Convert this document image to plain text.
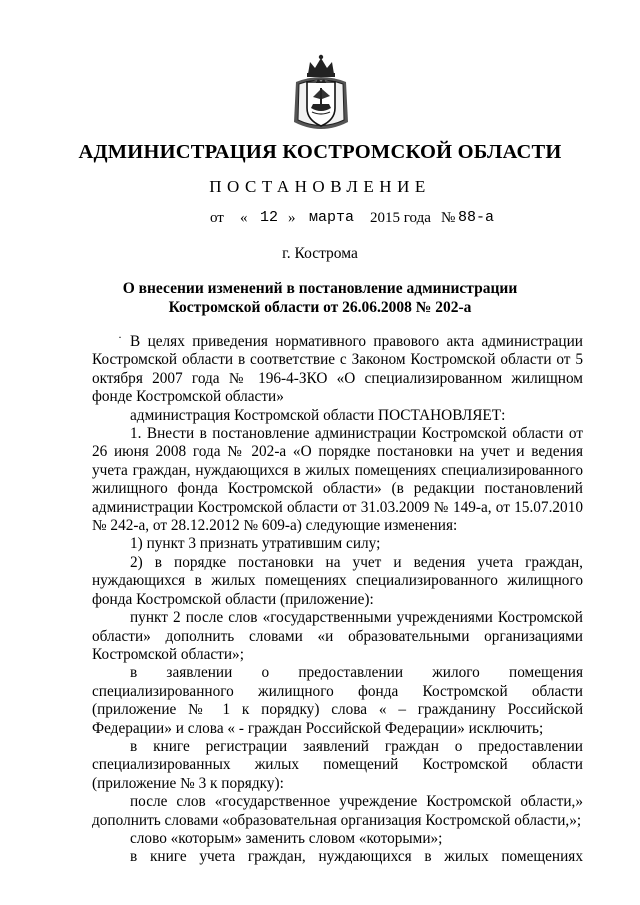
АДМИНИСТРАЦИЯ КОСТРОМСКОЙ ОБЛАСТИ
ПОСТАНОВЛЕНИЕ
от « 12 » марта 2015 года № 88-а
г. Кострома
О внесении изменений в постановление администрации
Костромской области от 26.06.2008 № 202-а
· В целях приведения нормативного правового акта администрации Костромской области в соответствие с Законом Костромской области от 5 октября 2007 года № 196-4-ЗКО «О специализированном жилищном фонде Костромской области»

администрация Костромской области ПОСТАНОВЛЯЕТ:

1. Внести в постановление администрации Костромской области от 26 июня 2008 года № 202-а «О порядке постановки на учет и ведения учета граждан, нуждающихся в жилых помещениях специализированного жилищного фонда Костромской области» (в редакции постановлений администрации Костромской области от 31.03.2009 № 149-а, от 15.07.2010 № 242-а, от 28.12.2012 № 609-а) следующие изменения:

1) пункт 3 признать утратившим силу;

2) в порядке постановки на учет и ведения учета граждан, нуждающихся в жилых помещениях специализированного жилищного фонда Костромской области (приложение):

пункт 2 после слов «государственными учреждениями Костромской области» дополнить словами «и образовательными организациями Костромской области»;

в заявлении о предоставлении жилого помещения специализированного жилищного фонда Костромской области (приложение № 1 к порядку) слова « – гражданину Российской Федерации» и слова « - граждан Российской Федерации» исключить;

в книге регистрации заявлений граждан о предоставлении специализированных жилых помещений Костромской области (приложение № 3 к порядку):

после слов «государственное учреждение Костромской области,» дополнить словами «образовательная организация Костромской области,»;

слово «которым» заменить словом «которыми»;

в книге учета граждан, нуждающихся в жилых помещениях
